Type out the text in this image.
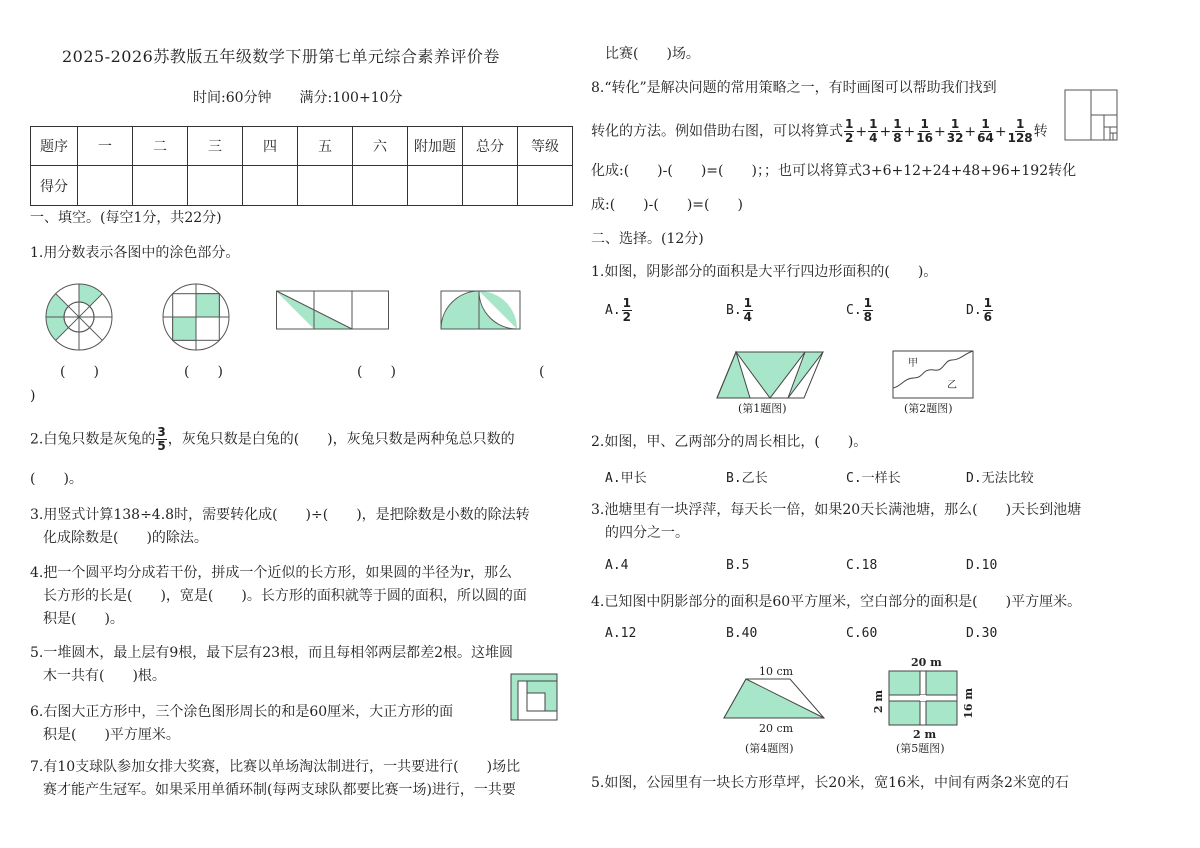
2025-2026苏教版五年级数学下册第七单元综合素养评价卷
时间:60分钟　　满分:100+10分
题序	一	二	三	四	五	六	附加题	总分	等级
得分									
一、填空。(每空1分，共22分)
1.用分数表示各图中的涂色部分。
(　　)	(　　)	(　　)	(
)
2.白兔只数是灰兔的 $\frac{3}{5}$ ，灰兔只数是白兔的(　　)，灰兔只数是两种兔总只数的
(　　)。
3.用竖式计算138÷4.8时，需要转化成(　　)÷(　　)，是把除数是小数的除法转
化成除数是(　　)的除法。
4.把一个圆平均分成若干份，拼成一个近似的长方形，如果圆的半径为r，那么
长方形的长是(　　)，宽是(　　)。长方形的面积就等于圆的面积，所以圆的面
积是(　　)。
5.一堆圆木，最上层有9根，最下层有23根，而且每相邻两层都差2根。这堆圆
木一共有(　　)根。
6.右图大正方形中，三个涂色图形周长的和是60厘米，大正方形的面
积是(　　)平方厘米。
7.有10支球队参加女排大奖赛，比赛以单场淘汰制进行，一共要进行(　　)场比
赛才能产生冠军。如果采用单循环制(每两支球队都要比赛一场)进行，一共要
比赛(　　)场。
8.“转化”是解决问题的常用策略之一，有时画图可以帮助我们找到
转化的方法。例如借助右图，可以将算式 $\frac{1}{2} + \frac{1}{4} + \frac{1}{8} + \frac{1}{16} + \frac{1}{32} + \frac{1}{64} + \frac{1}{128}$ 转
化成:(　　)-(　　)=(　　)；；也可以将算式3+6+12+24+48+96+192转化
成:(　　)-(　　)=(　　)
二、选择。(12分)
1.如图，阴影部分的面积是大平行四边形面积的(　　)。
A. $\frac{1}{2}$	B. $\frac{1}{4}$	C. $\frac{1}{8}$	D. $\frac{1}{6}$
(第1题图)
甲
乙
(第2题图)
2.如图，甲、乙两部分的周长相比，(　　)。
A.甲长	B.乙长	C.一样长	D.无法比较
3.池塘里有一块浮萍，每天长一倍，如果20天长满池塘，那么(　　)天长到池塘
的四分之一。
A.4	B.5	C.18	D.10
4.已知图中阴影部分的面积是60平方厘米，空白部分的面积是(　　)平方厘米。
A.12	B.40	C.60	D.30
10 cm
20 cm
(第4题图)
20 m
2 m	16 m
2 m
(第5题图)
5.如图，公园里有一块长方形草坪，长20米，宽16米，中间有两条2米宽的石
